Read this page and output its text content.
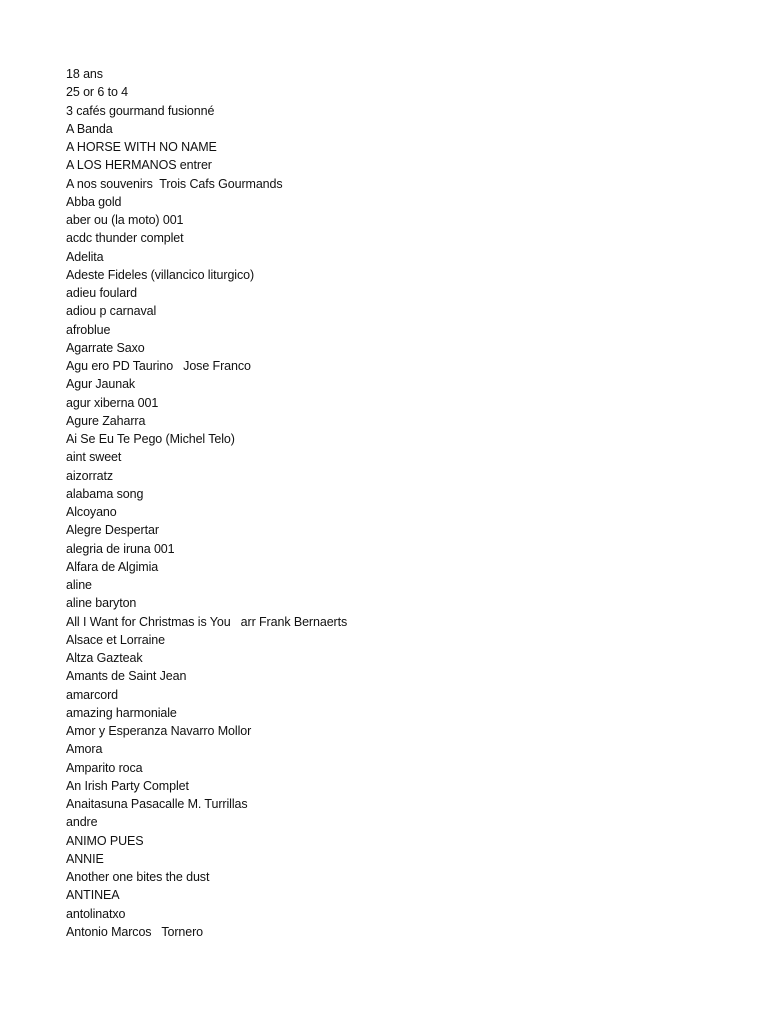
18 ans
25 or 6 to 4
3 cafés gourmand fusionné
A Banda
A HORSE WITH NO NAME
A LOS HERMANOS entrer
A nos souvenirs  Trois Cafs Gourmands
Abba gold
aber ou (la moto) 001
acdc thunder complet
Adelita
Adeste Fideles (villancico liturgico)
adieu foulard
adiou p carnaval
afroblue
Agarrate Saxo
Agu ero PD Taurino   Jose Franco
Agur Jaunak
agur xiberna 001
Agure Zaharra
Ai Se Eu Te Pego (Michel Telo)
aint sweet
aizorratz
alabama song
Alcoyano
Alegre Despertar
alegria de iruna 001
Alfara de Algimia
aline
aline baryton
All I Want for Christmas is You   arr Frank Bernaerts
Alsace et Lorraine
Altza Gazteak
Amants de Saint Jean
amarcord
amazing harmoniale
Amor y Esperanza Navarro Mollor
Amora
Amparito roca
An Irish Party Complet
Anaitasuna Pasacalle M. Turrillas
andre
ANIMO PUES
ANNIE
Another one bites the dust
ANTINEA
antolinatxo
Antonio Marcos   Tornero
